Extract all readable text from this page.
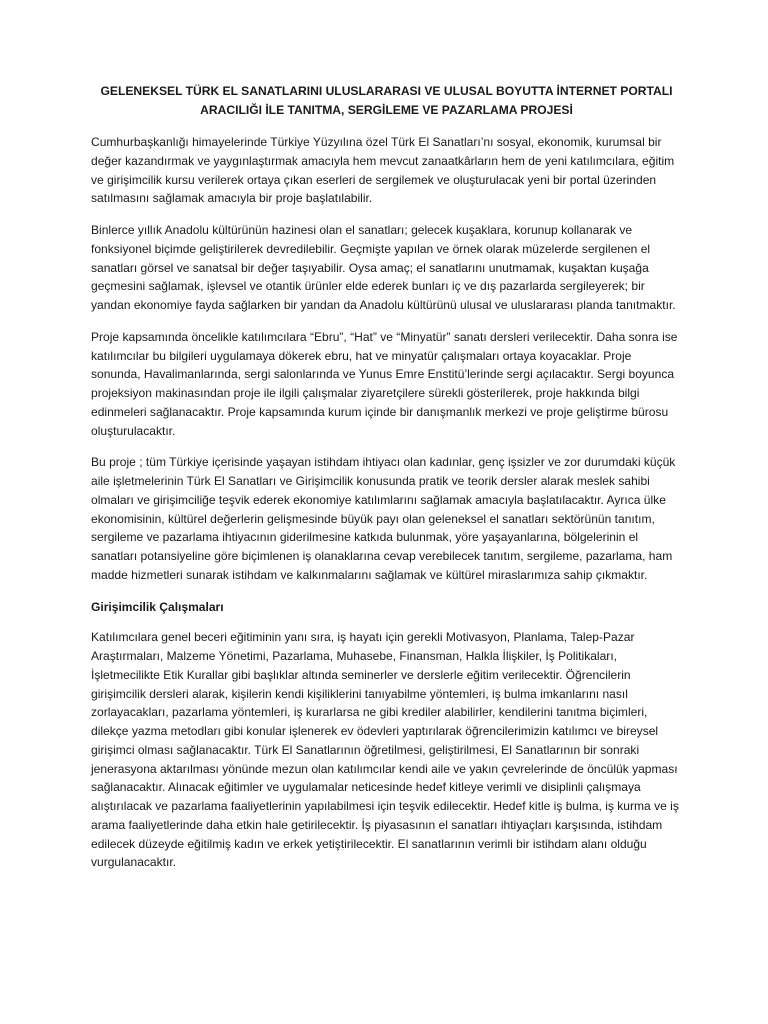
GELENEKSEL TÜRK EL SANATLARINI ULUSLARARASI VE ULUSAL BOYUTTA İNTERNET PORTALI
ARACILIĞI İLE TANITMA, SERGİLEME VE PAZARLAMA PROJESİ

Cumhurbaşkanlığı himayelerinde Türkiye Yüzyılına özel Türk El Sanatları’nı sosyal, ekonomik, kurumsal bir değer kazandırmak ve yaygınlaştırmak amacıyla hem mevcut zanaatkârların hem de yeni katılımcılara, eğitim ve girişimcilik kursu verilerek ortaya çıkan eserleri de sergilemek ve oluşturulacak yeni bir portal üzerinden satılmasını sağlamak amacıyla bir proje başlatılabilir.

Binlerce yıllık Anadolu kültürünün hazinesi olan el sanatları; gelecek kuşaklara, korunup kollanarak ve fonksiyonel biçimde geliştirilerek devredilebilir. Geçmişte yapılan ve örnek olarak müzelerde sergilenen el sanatları görsel ve sanatsal bir değer taşıyabilir. Oysa amaç; el sanatlarını unutmamak, kuşaktan kuşağa geçmesini sağlamak, işlevsel ve otantik ürünler elde ederek bunları iç ve dış pazarlarda sergileyerek; bir yandan ekonomiye fayda sağlarken bir yandan da Anadolu kültürünü ulusal ve uluslararası planda tanıtmaktır.

Proje kapsamında öncelikle katılımcılara “Ebru”, “Hat” ve “Minyatür” sanatı dersleri verilecektir. Daha sonra ise katılımcılar bu bilgileri uygulamaya dökerek ebru, hat ve minyatür çalışmaları ortaya koyacaklar. Proje sonunda, Havalimanlarında, sergi salonlarında ve Yunus Emre Enstitü’lerinde sergi açılacaktır. Sergi boyunca projeksiyon makinasından proje ile ilgili çalışmalar ziyaretçilere sürekli gösterilerek, proje hakkında bilgi edinmeleri sağlanacaktır. Proje kapsamında kurum içinde bir danışmanlık merkezi ve proje geliştirme bürosu oluşturulacaktır.

Bu proje ; tüm Türkiye içerisinde yaşayan istihdam ihtiyacı olan kadınlar, genç işsizler ve zor durumdaki küçük aile işletmelerinin Türk El Sanatları ve Girişimcilik konusunda pratik ve teorik dersler alarak meslek sahibi olmaları ve girişimciliğe teşvik ederek ekonomiye katılımlarını sağlamak amacıyla başlatılacaktır. Ayrıca ülke ekonomisinin, kültürel değerlerin gelişmesinde büyük payı olan geleneksel el sanatları sektörünün tanıtım, sergileme ve pazarlama ihtiyacının giderilmesine katkıda bulunmak, yöre yaşayanlarına, bölgelerinin el sanatları potansiyeline göre biçimlenen iş olanaklarına cevap verebilecek tanıtım, sergileme, pazarlama, ham madde hizmetleri sunarak istihdam ve kalkınmalarını sağlamak ve kültürel miraslarımıza sahip çıkmaktır.

Girişimcilik Çalışmaları

Katılımcılara genel beceri eğitiminin yanı sıra, iş hayatı için gerekli Motivasyon, Planlama, Talep-Pazar Araştırmaları, Malzeme Yönetimi, Pazarlama, Muhasebe, Finansman, Halkla İlişkiler, İş Politikaları, İşletmecilikte Etik Kurallar gibi başlıklar altında seminerler ve derslerle eğitim verilecektir. Öğrencilerin girişimcilik dersleri alarak, kişilerin kendi kişiliklerini tanıyabilme yöntemleri, iş bulma imkanlarını nasıl zorlayacakları, pazarlama yöntemleri, iş kurarlarsa ne gibi krediler alabilirler, kendilerini tanıtma biçimleri, dilekçe yazma metodları gibi konular işlenerek ev ödevleri yaptırılarak öğrencilerimizin katılımcı ve bireysel girişimci olması sağlanacaktır. Türk El Sanatlarının öğretilmesi, geliştirilmesi, El Sanatlarının bir sonraki jenerasyona aktarılması yönünde mezun olan katılımcılar kendi aile ve yakın çevrelerinde de öncülük yapması sağlanacaktır. Alınacak eğitimler ve uygulamalar neticesinde hedef kitleye verimli ve disiplinli çalışmaya alıştırılacak ve pazarlama faaliyetlerinin yapılabilmesi için teşvik edilecektir. Hedef kitle iş bulma, iş kurma ve iş arama faaliyetlerinde daha etkin hale getirilecektir. İş piyasasının el sanatları ihtiyaçları karşısında, istihdam edilecek düzeyde eğitilmiş kadın ve erkek yetiştirilecektir. El sanatlarının verimli bir istihdam alanı olduğu vurgulanacaktır.
